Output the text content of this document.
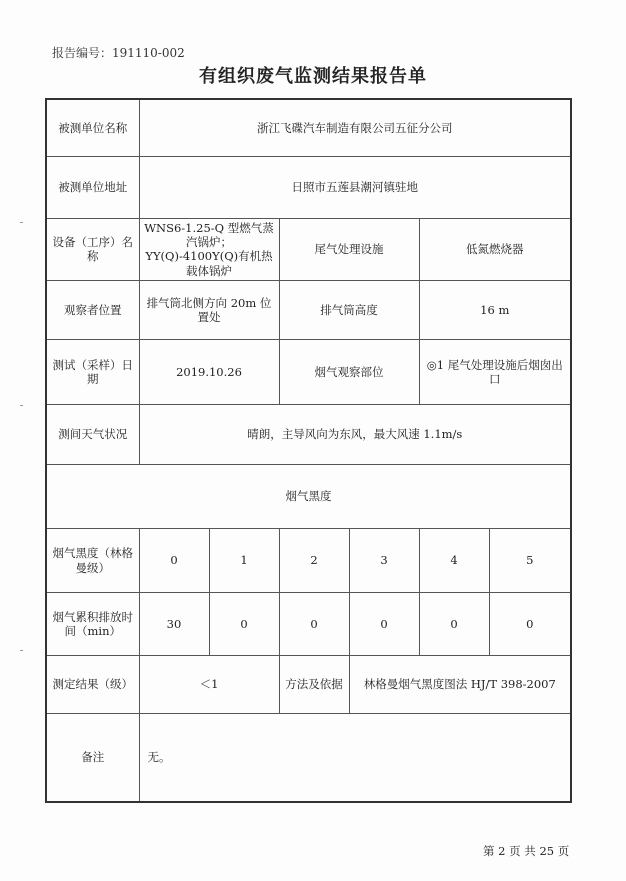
报告编号：191110-002
有组织废气监测结果报告单
被测单位名称	浙江飞碟汽车制造有限公司五征分公司					
被测单位地址	日照市五莲县潮河镇驻地					
设备（工序）名称	WNS6-1.25-Q 型燃气蒸汽锅炉；YY(Q)-4100Y(Q)有机热载体锅炉		尾气处理设施		低氮燃烧器	
观察者位置	排气筒北侧方向 20m 位置处		排气筒高度		16 m	
测试（采样）日期	2019.10.26		烟气观察部位		◎1 尾气处理设施后烟囱出口	
测间天气状况	晴朗，主导风向为东风，最大风速 1.1m/s					
烟气黑度						
烟气黑度（林格曼级）	0	1	2	3	4	5
烟气累积排放时间（min）	30	0	0	0	0	0
测定结果（级）	＜1		方法及依据	林格曼烟气黑度图法 HJ/T 398-2007		
备注	无。					
第 2 页 共 25 页
